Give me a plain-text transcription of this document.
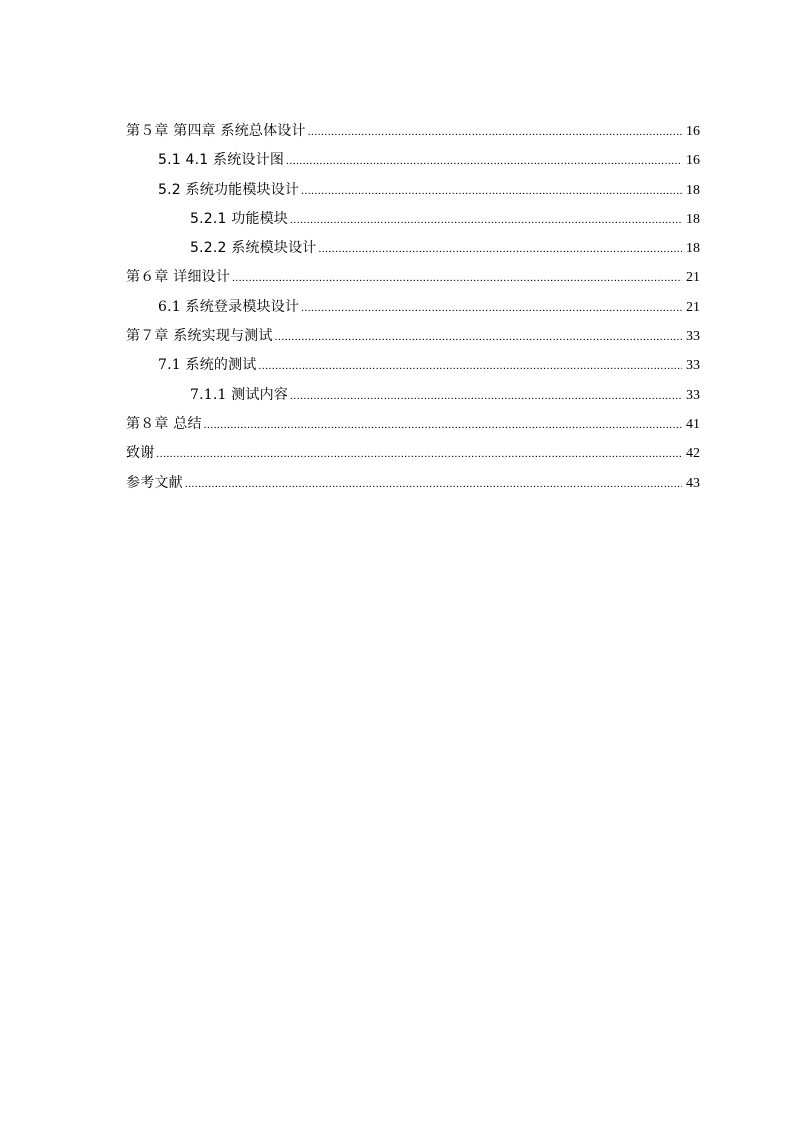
第５章 第四章 系统总体设计 .....	16
5.1 4.1 系统设计图 .....	16
5.2 系统功能模块设计 .....	18
5.2.1 功能模块 .....	18
5.2.2 系统模块设计 .....	18
第６章 详细设计 .....	21
6.1 系统登录模块设计 .....	21
第７章 系统实现与测试 .....	33
7.1 系统的测试 .....	33
7.1.1 测试内容 .....	33
第８章 总结 .....	41
致谢 .....	42
参考文献 .....	43
